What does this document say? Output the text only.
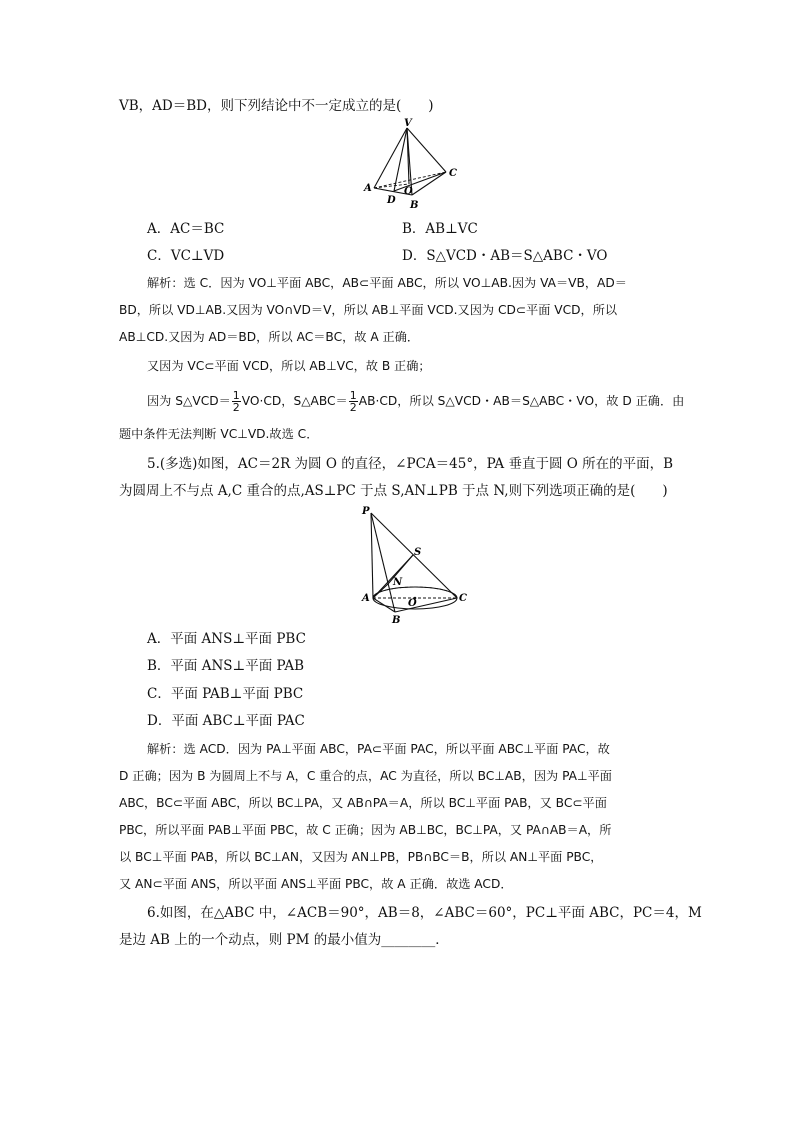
VB，AD＝BD，则下列结论中不一定成立的是(　　)
V
A
C
D
O
B
A．AC＝BC	B．AB⊥VC
C．VC⊥VD	D．S△VCD・AB＝S△ABC・VO
解析：选 C．因为 VO⊥平面 ABC，AB⊂平面 ABC，所以 VO⊥AB.因为 VA＝VB，AD＝
BD，所以 VD⊥AB.又因为 VO∩VD＝V，所以 AB⊥平面 VCD.又因为 CD⊂平面 VCD，所以
AB⊥CD.又因为 AD＝BD，所以 AC＝BC，故 A 正确．
又因为 VC⊂平面 VCD，所以 AB⊥VC，故 B 正确；
因为 S△VCD＝ $\frac{1}{2} VO\cdot CD$，S△ABC＝ $\frac{1}{2} AB\cdot CD$，所以 S△VCD・AB＝S△ABC・VO，故 D 正确．由
题中条件无法判断 VC⊥VD.故选 C．
5.(多选)如图，AC＝2R 为圆 O 的直径，∠PCA＝45°，PA 垂直于圆 O 所在的平面，B
为圆周上不与点 A,C 重合的点,AS⊥PC 于点 S,AN⊥PB 于点 N,则下列选项正确的是(　　)
P
S
N
A	O	C
B
A．平面 ANS⊥平面 PBC
B．平面 ANS⊥平面 PAB
C．平面 PAB⊥平面 PBC
D．平面 ABC⊥平面 PAC
解析：选 ACD．因为 PA⊥平面 ABC，PA⊂平面 PAC，所以平面 ABC⊥平面 PAC，故
D 正确；因为 B 为圆周上不与 A，C 重合的点，AC 为直径，所以 BC⊥AB，因为 PA⊥平面
ABC，BC⊂平面 ABC，所以 BC⊥PA，又 AB∩PA＝A，所以 BC⊥平面 PAB，又 BC⊂平面
PBC，所以平面 PAB⊥平面 PBC，故 C 正确；因为 AB⊥BC，BC⊥PA，又 PA∩AB＝A，所
以 BC⊥平面 PAB，所以 BC⊥AN，又因为 AN⊥PB，PB∩BC＝B，所以 AN⊥平面 PBC，
又 AN⊂平面 ANS，所以平面 ANS⊥平面 PBC，故 A 正确．故选 ACD．
6.如图，在△ABC 中，∠ACB＝90°，AB＝8，∠ABC＝60°，PC⊥平面 ABC，PC＝4，M
是边 AB 上的一个动点，则 PM 的最小值为________．
